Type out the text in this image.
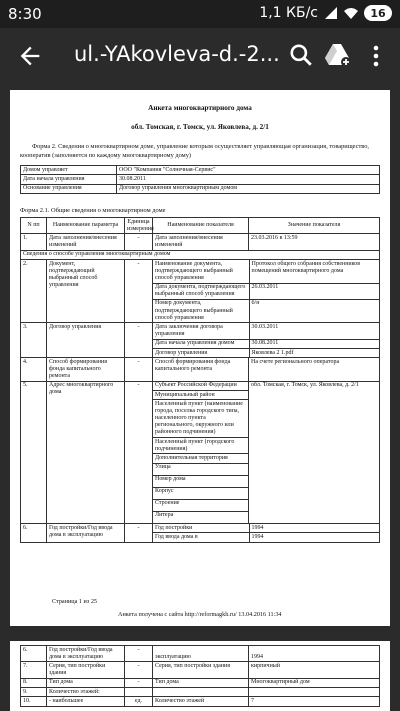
8:30	1,1 КБ/с	16
ul.-YAkovleva-d.-2...
Анкета многоквартирного дома
обл. Томская, г. Томск, ул. Яковлева, д. 2/1
Форма 2. Сведения о многоквартирном доме, управление которым осуществляет управляющая организация, товарищество, кооператив (заполняется по каждому многоквартирному дому)
Домом управляет	ООО "Компания "Солнечная-Сервис"
Дата начала управления	30.08.2011
Основание управления	Договор управления многоквартирным домом
Форма 2.1. Общие сведения о многоквартирном доме
N пп	Наименование параметра	Единица измерения	Наименование показателя	Значение показателя
1.	Дата заполнения/внесения изменений	-	Дата заполнения/внесения изменений	23.03.2016 в 13:59
Сведения о способе управления многоквартирным домом
2.	Документ, подтверждающий выбранный способ управления	-		Наименование документа, подтверждающего выбранный способ управления	Протокол общего собрания собственников помещений многоквартирного дома
Дата документа, подтверждающего выбранный способ управления	26.03.2011
Номер документа, подтверждающего выбранный способ управления	б/н

3.	Договор управления	-		Дата заключения договора управления	30.03.2011
Дата начала управления домом	30.08.2011
Договор управления	Яковлева 2 1.pdf

4.	Способ формирования фонда капитального ремонта	-	Способ формирования фонда капитального ремонта	На счете регионального оператора
5.	Адрес многоквартирного дома	-		Субъект Российской Федерации
Муниципальный район
Населенный пункт (наименование города, поселка городского типа, населенного пункта регионального, окружного или районного подчинения)
Населенный пункт (городского подчинения)
Дополнительная территория
Улица
Номер дома
Корпус
Строение
Литера
	обл. Томская, г. Томск, ул. Яковлева, д. 2/1
6.	Год постройки/Год ввода дома в эксплуатацию	-		Год постройки	1994
Год ввода дома в	1994
Страница 1 из 25
Анкета получена с сайта http://reformagkh.ru/ 13.04.2016 11:34
6.	Год постройки/Год ввода дома в эксплуатацию	-	эксплуатацию	1994
7.	Серия, тип постройки здания	-	Серия, тип постройки здания	кирпичный
8.	Тип дома	-	Тип дома	Многоквартирный дом
9.	Количество этажей:			
10.	- наибольшее	ед.	Количество этажей	7
